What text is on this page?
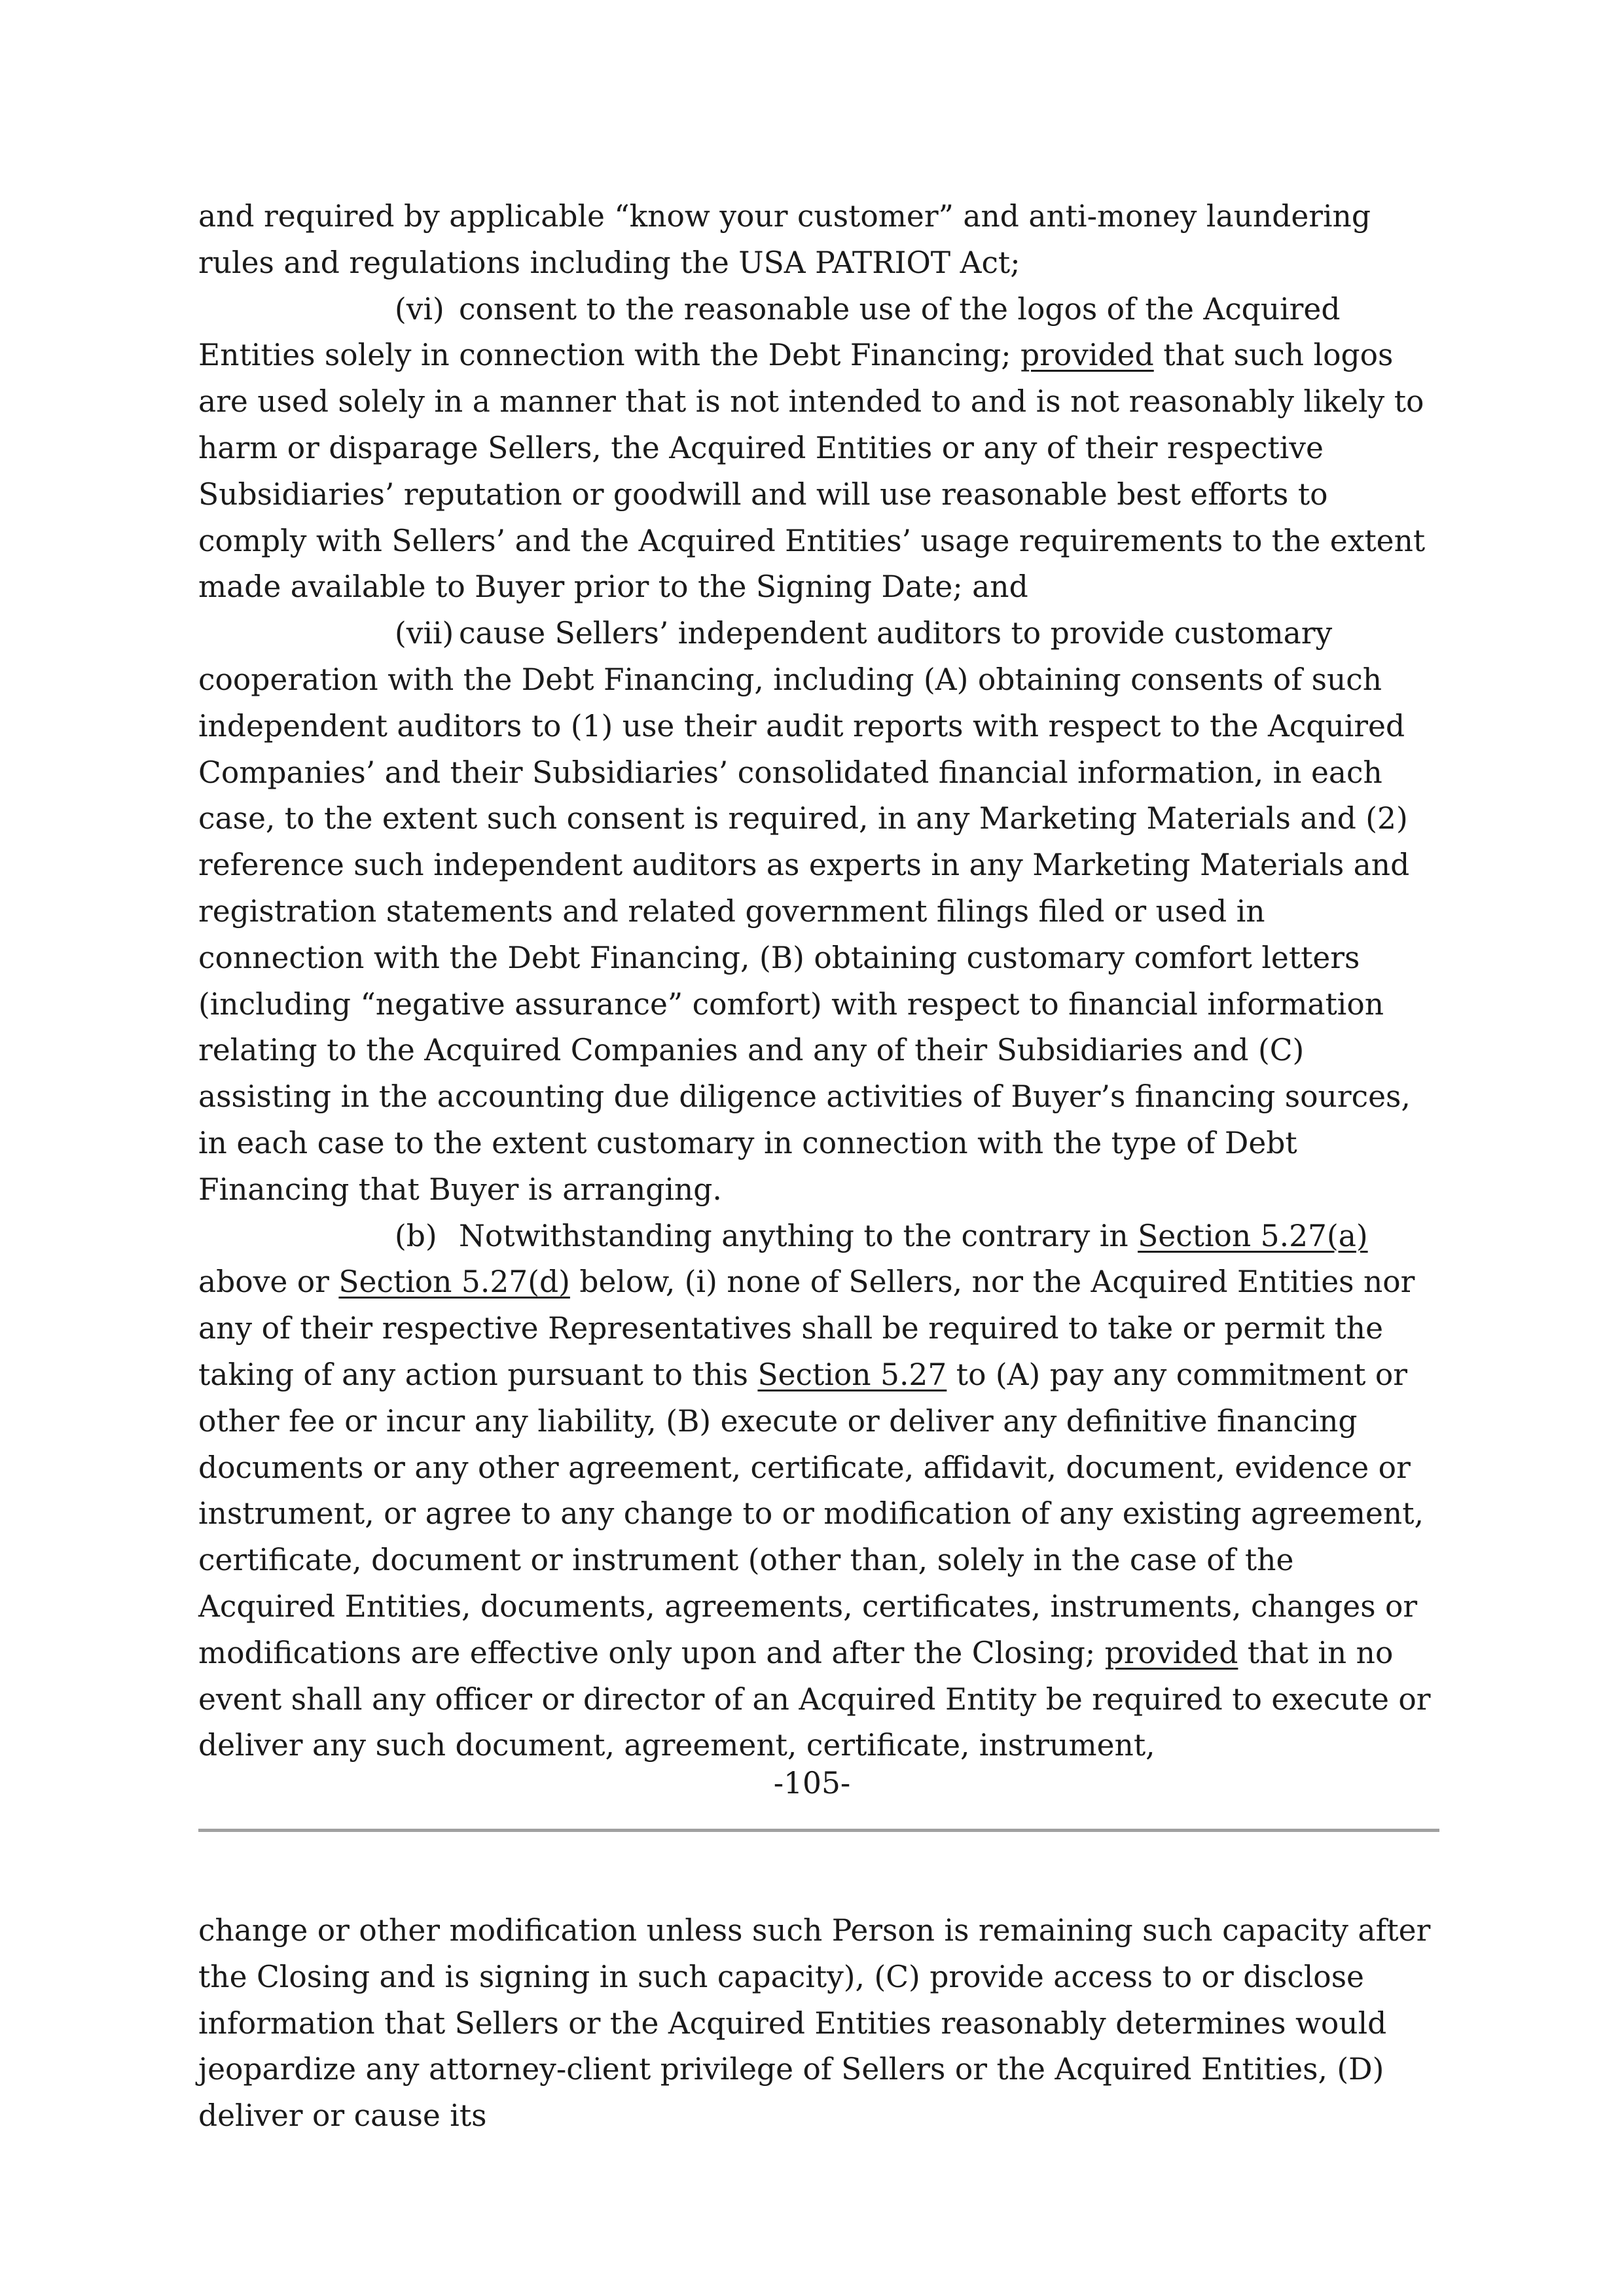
and required by applicable “know your customer” and anti-money laundering rules and regulations including the USA PATRIOT Act;

(vi) consent to the reasonable use of the logos of the Acquired Entities solely in connection with the Debt Financing; provided that such logos are used solely in a manner that is not intended to and is not reasonably likely to harm or disparage Sellers, the Acquired Entities or any of their respective Subsidiaries’ reputation or goodwill and will use reasonable best efforts to comply with Sellers’ and the Acquired Entities’ usage requirements to the extent made available to Buyer prior to the Signing Date; and

(vii) cause Sellers’ independent auditors to provide customary cooperation with the Debt Financing, including (A) obtaining consents of such independent auditors to (1) use their audit reports with respect to the Acquired Companies’ and their Subsidiaries’ consolidated financial information, in each case, to the extent such consent is required, in any Marketing Materials and (2) reference such independent auditors as experts in any Marketing Materials and registration statements and related government filings filed or used in connection with the Debt Financing, (B) obtaining customary comfort letters (including “negative assurance” comfort) with respect to financial information relating to the Acquired Companies and any of their Subsidiaries and (C) assisting in the accounting due diligence activities of Buyer’s financing sources, in each case to the extent customary in connection with the type of Debt Financing that Buyer is arranging.

(b) Notwithstanding anything to the contrary in Section 5.27(a) above or Section 5.27(d) below, (i) none of Sellers, nor the Acquired Entities nor any of their respective Representatives shall be required to take or permit the taking of any action pursuant to this Section 5.27 to (A) pay any commitment or other fee or incur any liability, (B) execute or deliver any definitive financing documents or any other agreement, certificate, affidavit, document, evidence or instrument, or agree to any change to or modification of any existing agreement, certificate, document or instrument (other than, solely in the case of the Acquired Entities, documents, agreements, certificates, instruments, changes or modifications are effective only upon and after the Closing; provided that in no event shall any officer or director of an Acquired Entity be required to execute or deliver any such document, agreement, certificate, instrument,

-105-

change or other modification unless such Person is remaining such capacity after the Closing and is signing in such capacity), (C) provide access to or disclose information that Sellers or the Acquired Entities reasonably determines would jeopardize any attorney-client privilege of Sellers or the Acquired Entities, (D) deliver or cause its
